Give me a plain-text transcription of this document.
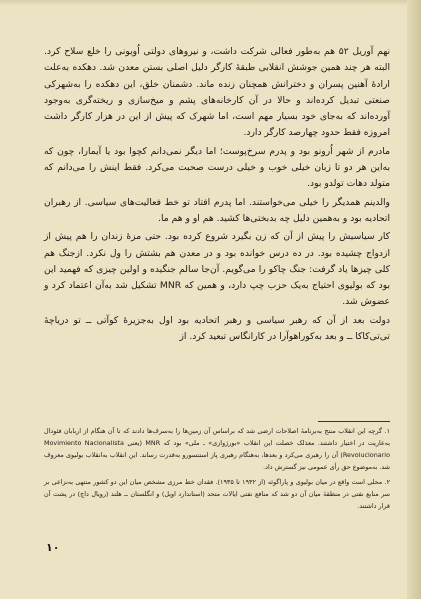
نهم آوریل ۵۲ هم به‌طور فعالی شرکت داشت، و نیروهای دولتی اُویونی را خلع سلاح کرد. البته هر چند همین جوشش انقلابی طبقهٔ کارگر دلیل اصلی بستن معدن شد. دهکده به‌علت ارادهٔ آهنین پسران و دخترانش همچنان زنده ماند. دشمنان خلق، این دهکده را به‌شهرکی صنعتی تبدیل کرده‌اند و حالا در آن کارخانه‌های پشم و میخ‌سازی و ریخته‌گری به‌وجود آورده‌اند که به‌جای خود بسیار مهم است، اما شهرک که پیش از این در هزار کارگر داشت امروزه فقط حدود چهارصد کارگر دارد.

مادرم از شهر اُرونو بود و پدرم سرخ‌پوست؛ اما دیگر نمی‌دانم کچوا بود یا آیمارا، چون که به‌این هر دو تا زبان خیلی خوب و خیلی درست صحبت می‌کرد. فقط اینش را می‌دانم که متولد دهات تولدو بود.

والدینم همدیگر را خیلی می‌خواستند. اما پدرم افتاد تو خط فعالیت‌های سیاسی. از رهبران اتحادیه بود و به‌همین دلیل چه بدبختی‌ها کشید. هم او و هم ما.

کار سیاسیش را پیش از آن که زن بگیرد شروع کرده بود. حتی مزهٔ زندان را هم پیش از ازدواج چشیده بود. در ده درس خوانده بود و در معدن هم بشتش را ول نکرد. ازجنگ هم کلی چیزها یاد گرفت: جنگ چاکو را می‌گویم. آن‌جا سالم جنگیده و اولین چیزی که فهمید این بود که بولیوی احتیاج به‌یک حزب چپ دارد، و همین که MNR تشکیل شد به‌آن اعتماد کرد و عضوش شد.

دولت بعد از آن که رهبر سیاسی و رهبر اتحادیه بود اول به‌جزیرهٔ کوآتی ــ تو دریاچهٔ تی‌تی‌کاکا ــ و بعد به‌کوراهوآرا در کارانگاس تبعید کرد. از

۱. گرچه این انقلاب منتج به‌برنامهٔ اصلاحات ارضی شد که براساس آن زمین‌ها را به‌سرف‌ها دادند که تا آن هنگام از اربابان فئودال به‌عاریت در اختیار داشتند. معذلک خصلت این انقلاب «بورژوازی» ـ ملی» بود که MNR (یعنی Movimiento Nacionalista Revolucionario) آن را رهبری می‌کرد و بعدها، به‌هنگام رهبری پاز استنسورو به‌قدرت رساند. این انقلاب به‌انقلاب بولیوی معروف شد. به‌موضوع حق رأی عمومی نیز گسترش داد.

۲. محلی است واقع در میان بولیوی و پاراگوئه (از ۱۹۳۲ تا ۱۹۳۵). فقدان خط مرزی مشخص میان این دو کشور منتهی به‌نزاعی بر سر منابع نفتی در منطقهٔ میان آن دو شد که منافع نفتی ایالات متحد (استاندارد اویل) و انگلستان ــ هلند (رویال داچ) در پشت آن قرار داشتند.

۱۰
